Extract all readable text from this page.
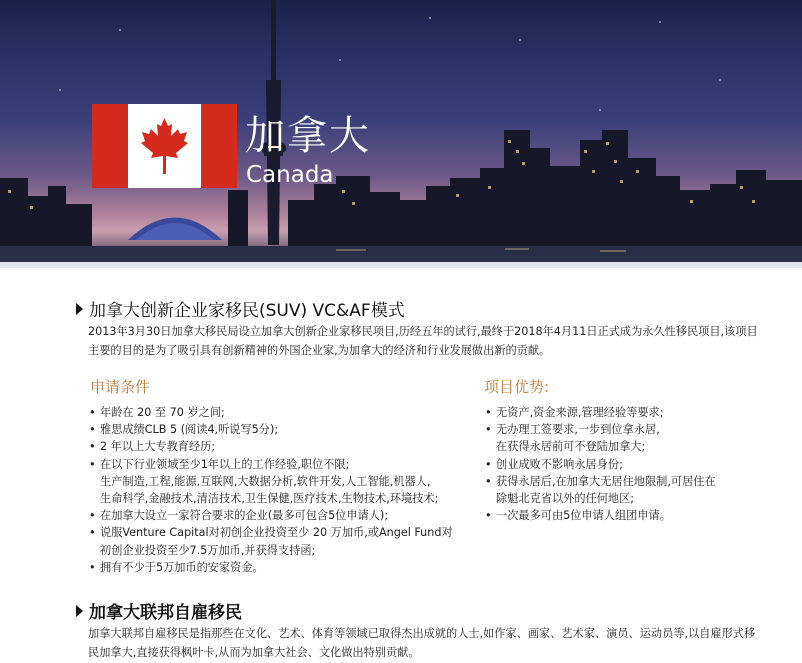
加拿大
Canada
加拿大创新企业家移民(SUV) VC&AF模式

2013年3月30日加拿大移民局设立加拿大创新企业家移民项目,历经五年的试行,最终于2018年4月11日正式成为永久性移民项目,该项目主要的目的是为了吸引具有创新精神的外国企业家,为加拿大的经济和行业发展做出新的贡献。

申请条件	项目优势:
• 年龄在 20 至 70 岁之间;
• 雅思成绩CLB 5 (阅读4,听说写5分);
• 2 年以上大专教育经历;
• 在以下行业领域至少1年以上的工作经验,职位不限;
生产制造,工程,能源,互联网,大数据分析,软件开发,人工智能,机器人,
生命科学,金融技术,清洁技术,卫生保健,医疗技术,生物技术,环境技术;
• 在加拿大设立一家符合要求的企业(最多可包含5位申请人);
• 说服Venture Capital对初创企业投资至少 20 万加币,或Angel Fund对
初创企业投资至少7.5万加币,并获得支持函;
• 拥有不少于5万加币的安家资金。
• 无资产,资金来源,管理经验等要求;
• 无办理工签要求,一步到位拿永居,
在获得永居前可不登陆加拿大;
• 创业成败不影响永居身份;
• 获得永居后,在加拿大无居住地限制,可居住在
除魁北克省以外的任何地区;
• 一次最多可由5位申请人组团申请。
加拿大联邦自雇移民

加拿大联邦自雇移民是指那些在文化、艺术、体育等领域已取得杰出成就的人士,如作家、画家、艺术家、演员、运动员等,以自雇形式移民加拿大,直接获得枫叶卡,从而为加拿大社会、文化做出特别贡献。
